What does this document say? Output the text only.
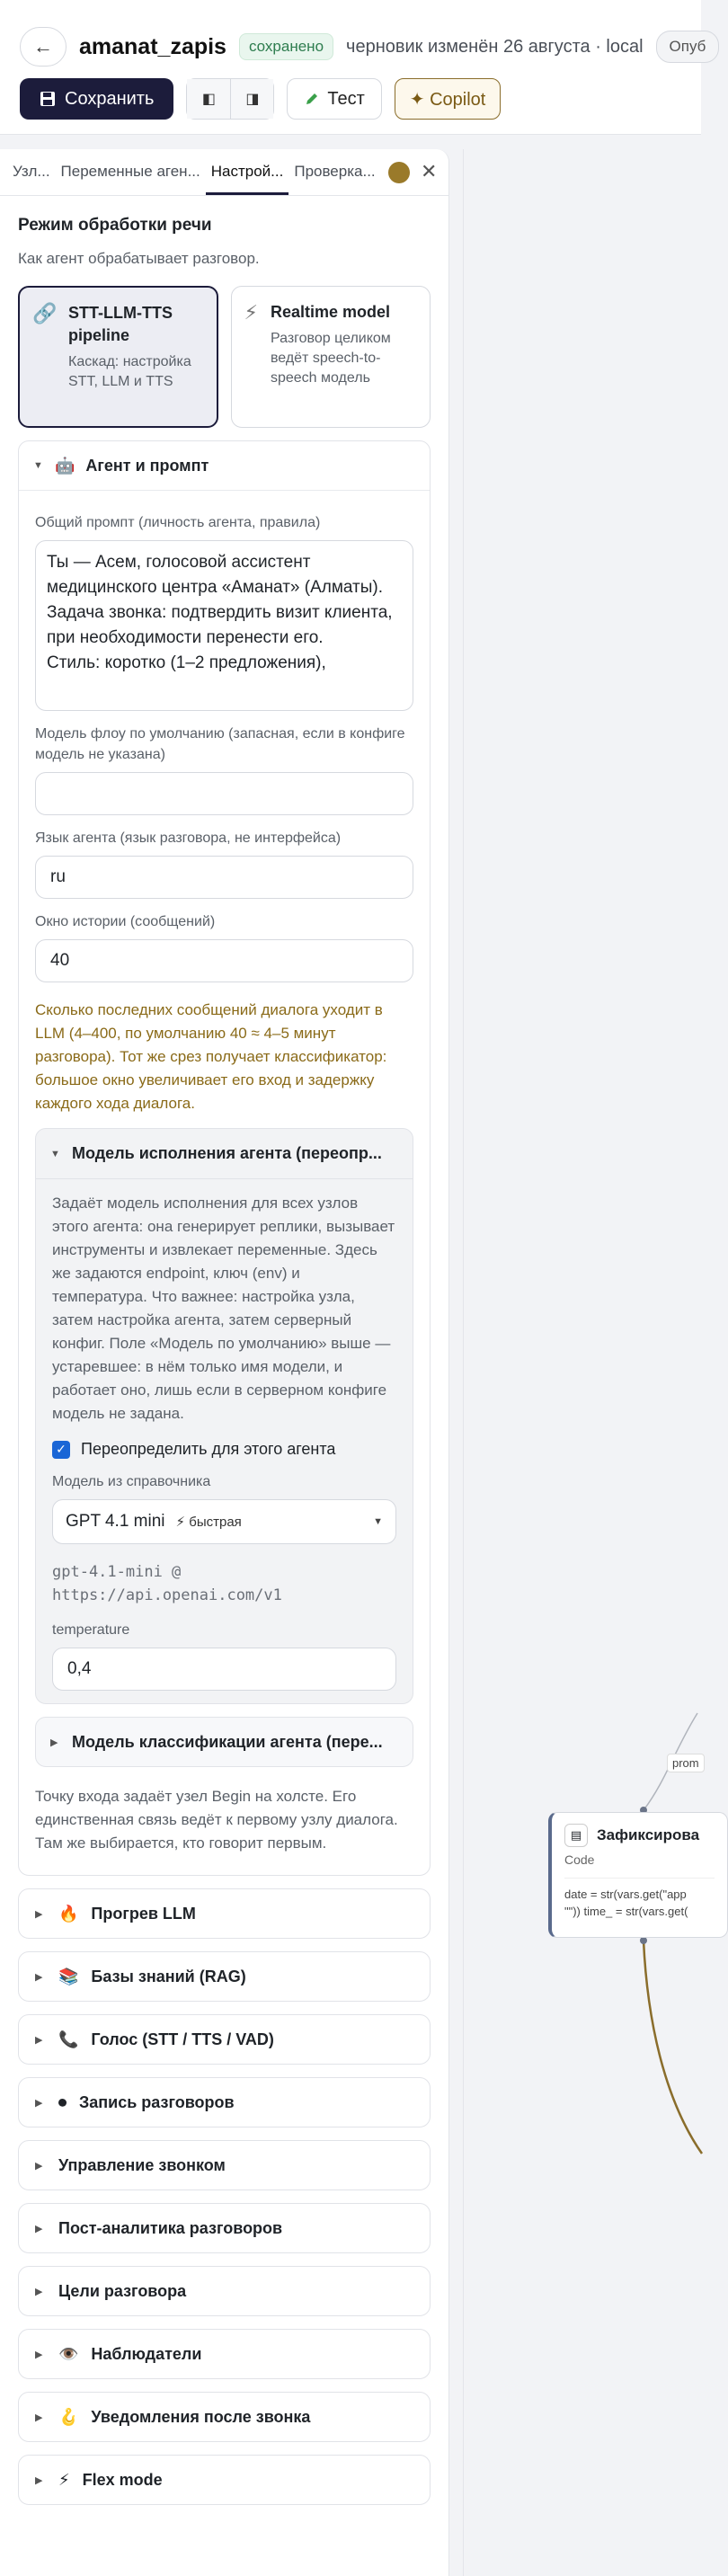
← amanat_zapis	сохранено	черновик изменён 26 августа · local	Опуб
Сохранить	◧	◨	Тест	✦ Copilot
Узл... Переменные аген... Настрой... Проверка... ✕
Режим обработки речи
Как агент обрабатывает разговор.
🔗 STT-LLM-TTS pipeline
Каскад: настройка STT, LLM и TTS
⚡ Realtime model
Разговор целиком ведёт speech-to-speech модель
▼ 🤖 Агент и промпт
Общий промпт (личность агента, правила)
Ты — Асем, голосовой ассистент медицинского центра «Аманат» (Алматы).
Задача звонка: подтвердить визит клиента, при необходимости перенести его.
Стиль: коротко (1–2 предложения),
Модель флоу по умолчанию (запасная, если в конфиге модель не указана)
Язык агента (язык разговора, не интерфейса)
ru
Окно истории (сообщений)
40
Сколько последних сообщений диалога уходит в LLM (4–400, по умолчанию 40 ≈ 4–5 минут разговора). Тот же срез получает классификатор: большое окно увеличивает его вход и задержку каждого хода диалога.
▼ Модель исполнения агента (переопр...
Задаёт модель исполнения для всех узлов этого агента: она генерирует реплики, вызывает инструменты и извлекает переменные. Здесь же задаются endpoint, ключ (env) и температура. Что важнее: настройка узла, затем настройка агента, затем серверный конфиг. Поле «Модель по умолчанию» выше — устаревшее: в нём только имя модели, и работает оно, лишь если в серверном конфиге модель не задана.
✓ Переопределить для этого агента
Модель из справочника
GPT 4.1 mini ⚡ быстрая	▼
gpt-4.1-mini @
https://api.openai.com/v1
temperature
0,4
▶ Модель классификации агента (пере...
Точку входа задаёт узел Begin на холсте. Его единственная связь ведёт к первому узлу диалога. Там же выбирается, кто говорит первым.
▶ 🔥 Прогрев LLM
▶ 📚 Базы знаний (RAG)
▶ 📞 Голос (STT / TTS / VAD)
▶ ⏺ Запись разговоров
▶ Управление звонком
▶ Пост-аналитика разговоров
▶ Цели разговора
▶ 👁️ Наблюдатели
▶ 🪝 Уведомления после звонка
▶ ⚡ Flex mode
prom
▤ Зафиксирова
Code
date = str(vars.get("app
"")) time_ = str(vars.get(
